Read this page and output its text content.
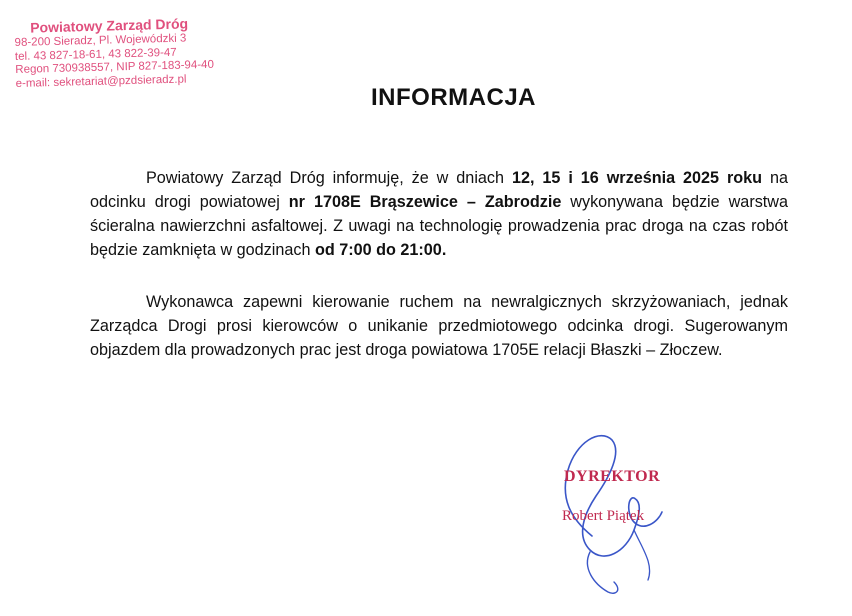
Powiatowy Zarząd Dróg
98-200 Sieradz, Pl. Wojewódzki 3
tel. 43 827-18-61, 43 822-39-47
Regon 730938557, NIP 827-183-94-40
e-mail: sekretariat@pzdsieradz.pl
INFORMACJA
Powiatowy Zarząd Dróg informuję, że w dniach 12, 15 i 16 września 2025 roku na odcinku drogi powiatowej nr 1708E Brąszewice – Zabrodzie wykonywana będzie warstwa ścieralna nawierzchni asfaltowej. Z uwagi na technologię prowadzenia prac droga na czas robót będzie zamknięta w godzinach od 7:00 do 21:00.
Wykonawca zapewni kierowanie ruchem na newralgicznych skrzyżowaniach, jednak Zarządca Drogi prosi kierowców o unikanie przedmiotowego odcinka drogi. Sugerowanym objazdem dla prowadzonych prac jest droga powiatowa 1705E relacji Błaszki – Złoczew.
DYREKTOR
Robert Piątek
